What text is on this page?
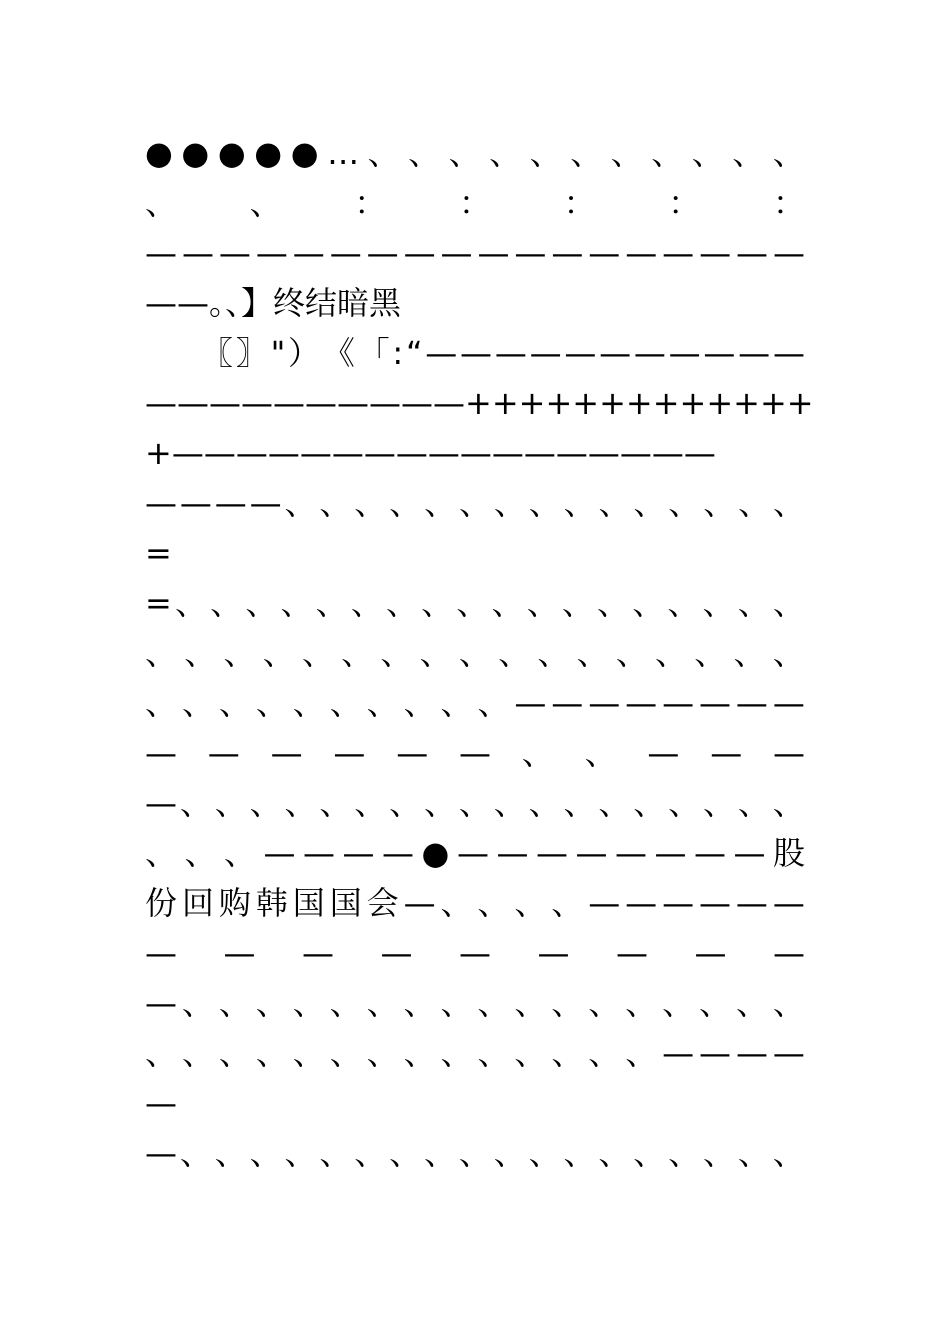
● ● ● ● ● … 、 、 、 、 、 、 、 、 、 、 、
、 、 ： ： ： ： ：
— — — — — — — — — — — — — — — — — —
——。、】终结暗黑
〖 〗 " ） 《 「 : “ — — — — — — — — — — —
— — — — — — — — — — + + + + + + + + + + + + +
+—————————————————
— — — — 、 、 、 、 、 、 、 、 、 、 、 、 、 、 、
=
= 、 、 、 、 、 、 、 、 、 、 、 、 、 、 、 、 、 、
、 、 、 、 、 、 、 、 、 、 、 、 、 、 、 、 、
、 、 、 、 、 、 、 、 、 、 — — — — — — — —
— — — — — — 、 、 — — —
— 、 、 、 、 、 、 、 、 、 、 、 、 、 、 、 、 、 、
、 、 、 — — — — ● — — — — — — — — 股
份 回 购 韩 国 国 会 — 、 、 、 、 — — — — — —
— — — — — — — — —
— 、 、 、 、 、 、 、 、 、 、 、 、 、 、 、 、 、
、 、 、 、 、 、 、 、 、 、 、 、 、 、 — — — —
—
— 、 、 、 、 、 、 、 、 、 、 、 、 、 、 、 、 、 、
